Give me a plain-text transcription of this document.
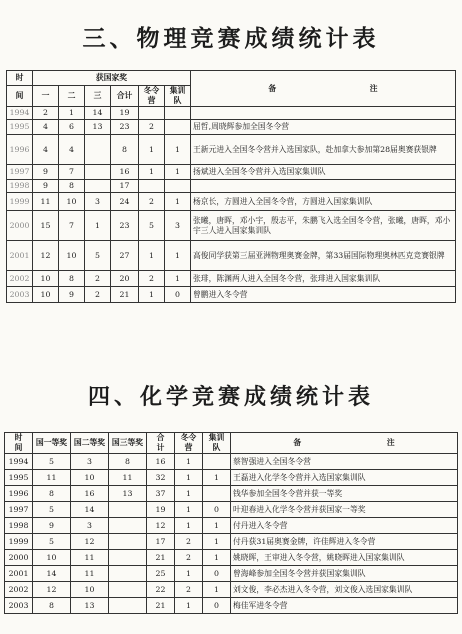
三、物理竞赛成绩统计表
时	获国家奖						备　　　　　　　　　　　　注
间	一	二	三	合计	冬令营	集训队	
1994	2	1	14	19			
1995	4	6	13	23	2		屈哲,周晓辉参加全国冬令营
1996	4	4		8	1	1	王新元进入全国冬令营并入选国家队，赴加拿大参加第28届奥赛获银牌
1997	9	7		16	1	1	扬斌进入全国冬令营并入选国家集训队
1998	9	8		17			
1999	11	10	3	24	2	1	杨京长，方圆进入全国冬令营，方圆进入国家集训队
2000	15	7	1	23	5	3	张曦，唐晖，邓小宇，殷志平，朱鹏飞入选全国冬令营，张曦，唐晖，邓小宇三人进入国家集训队
2001	12	10	5	27	1	1	高俊同学获第三届亚洲物理奥赛金牌，第33届国际物理奥林匹克竞赛银牌
2002	10	8	2	20	2	1	张琲，陈渊两人进入全国冬令营，张琲进入国家集训队
2003	10	9	2	21	1	0	曾鹏进入冬令营
四、化学竞赛成绩统计表
时　间	国一等奖	国二等奖	国三等奖	合　计	冬令营	集训队	备　　　　　　　　　　　注
1994	5	3	8	16	1		蔡智强进入全国冬令营
1995	11	10	11	32	1	1	王磊进入化学冬令营并入选国家集训队
1996	8	16	13	37	1		钱华参加全国冬令营并获一等奖
1997	5	14		19	1	0	叶迎春进入化学冬令营并获国家一等奖
1998	9	3		12	1	1	付丹进入冬令营
1999	5	12		17	2	1	付丹获31届奥赛金牌，许佳辉进入冬令营
2000	10	11		21	2	1	姚晓晖，王审进入冬令营，姚晓晖进入国家集训队
2001	14	11		25	1	0	曾海峰参加全国冬令营并获国家集训队
2002	12	10		22	2	1	刘文俊，李必杰进入冬令营，刘文俊入选国家集训队
2003	8	13		21	1	0	梅佳军进冬令营
